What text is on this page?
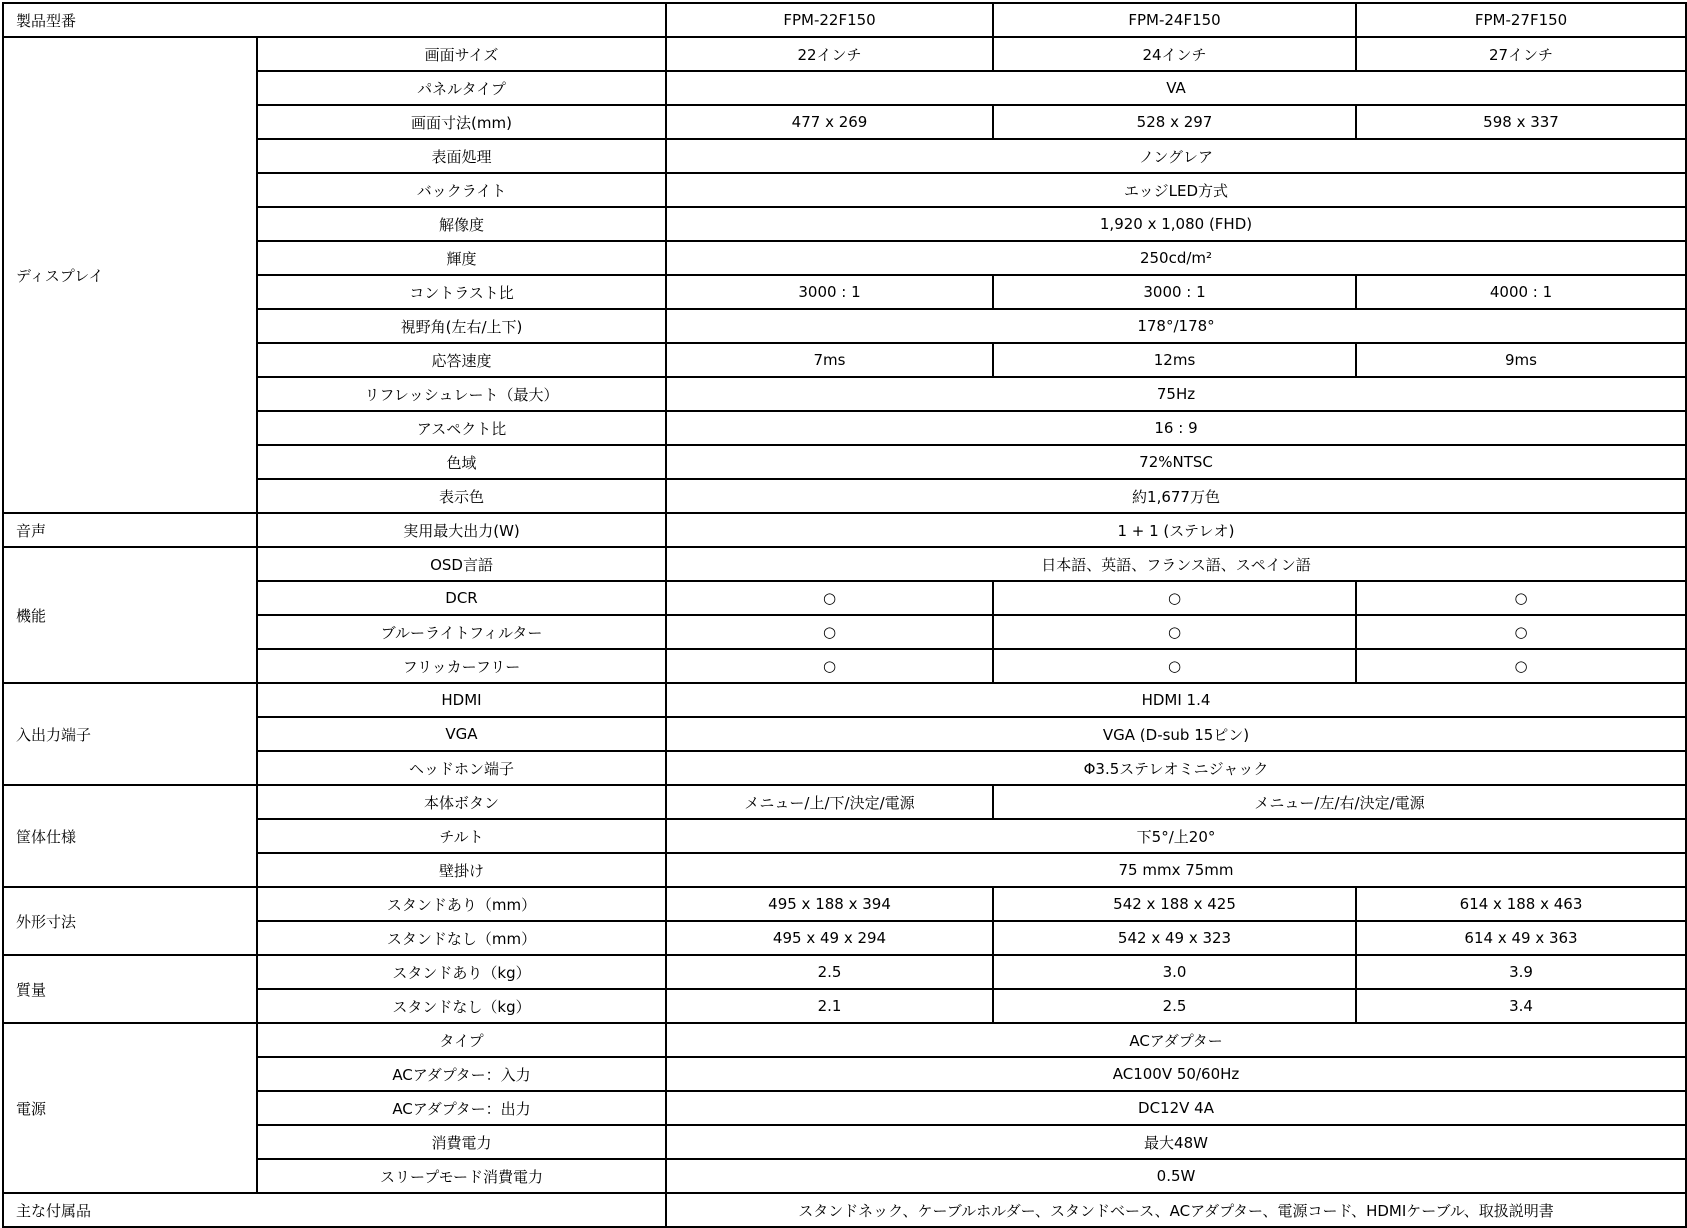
製品型番		FPM-22F150	FPM-24F150	FPM-27F150
ディスプレイ	画面サイズ	22インチ	24インチ	27インチ
	パネルタイプ	VA		
	画面寸法(mm)	477 x 269	528 x 297	598 x 337
	表面処理	ノングレア		
	バックライト	エッジLED方式		
	解像度	1,920 x 1,080 (FHD)		
	輝度	250cd/m²		
	コントラスト比	3000 : 1	3000 : 1	4000 : 1
	視野角(左右/上下)	178°/178°		
	応答速度	7ms	12ms	9ms
	リフレッシュレート（最大）	75Hz		
	アスペクト比	16 : 9		
	色域	72%NTSC		
	表示色	約1,677万色		
音声	実用最大出力(W)	1 + 1 (ステレオ)		
機能	OSD言語	日本語、英語、フランス語、スペイン語		
	DCR	○	○	○
	ブルーライトフィルター	○	○	○
	フリッカーフリー	○	○	○
入出力端子	HDMI	HDMI 1.4		
	VGA	VGA (D-sub 15ピン)		
	ヘッドホン端子	Φ3.5ステレオミニジャック		
筐体仕様	本体ボタン	メニュー/上/下/決定/電源	メニュー/左/右/決定/電源	
	チルト	下5°/上20°		
	壁掛け	75 mmx 75mm		
外形寸法	スタンドあり（mm）	495 x 188 x 394	542 x 188 x 425	614 x 188 x 463
	スタンドなし（mm）	495 x 49 x 294	542 x 49 x 323	614 x 49 x 363
質量	スタンドあり（kg）	2.5	3.0	3.9
	スタンドなし（kg）	2.1	2.5	3.4
電源	タイプ	ACアダプター		
	ACアダプター：入力	AC100V 50/60Hz		
	ACアダプター：出力	DC12V 4A		
	消費電力	最大48W		
	スリープモード消費電力	0.5W		
主な付属品		スタンドネック、ケーブルホルダー、スタンドベース、ACアダプター、電源コード、HDMIケーブル、取扱説明書		
